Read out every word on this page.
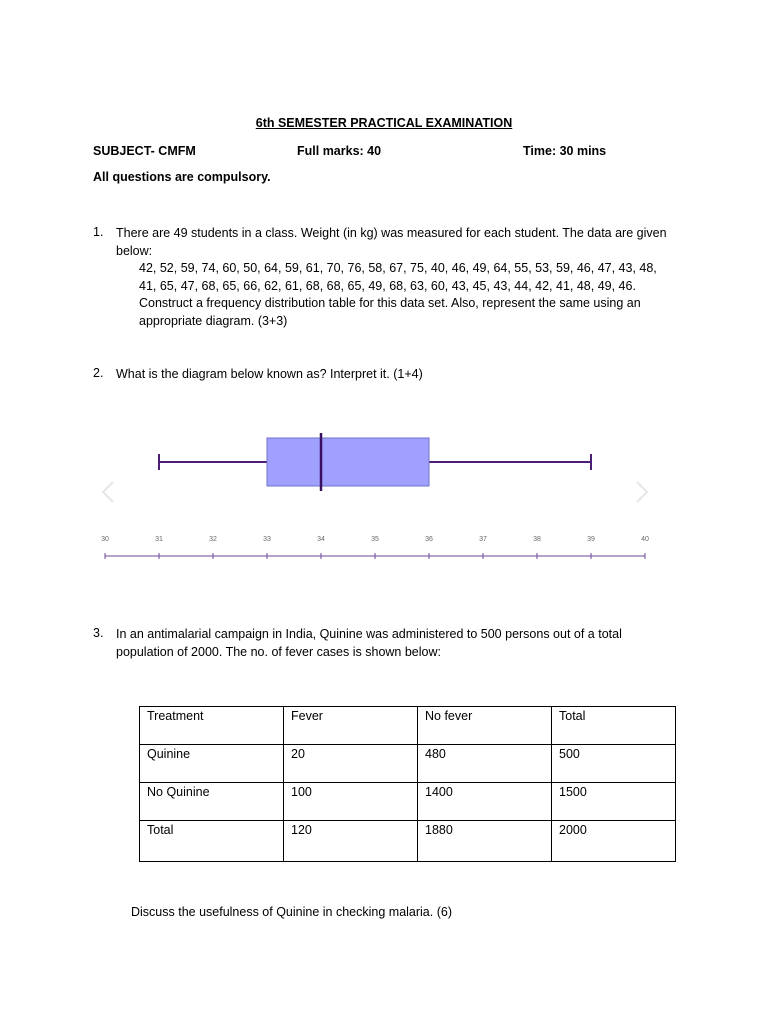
6th SEMESTER PRACTICAL EXAMINATION
SUBJECT- CMFM	Full marks: 40	Time: 30 mins
All questions are compulsory.
1. There are 49 students in a class. Weight (in kg) was measured for each student. The data are given below:
42, 52, 59, 74, 60, 50, 64, 59, 61, 70, 76, 58, 67, 75, 40, 46, 49, 64, 55, 53, 59, 46, 47, 43, 48, 41, 65, 47, 68, 65, 66, 62, 61, 68, 68, 65, 49, 68, 63, 60, 43, 45, 43, 44, 42, 41, 48, 49, 46.
Construct a frequency distribution table for this data set. Also, represent the same using an appropriate diagram. (3+3)
2. What is the diagram below known as? Interpret it. (1+4)
30	31	32	33	34	35	36	37	38	39	40
3. In an antimalarial campaign in India, Quinine was administered to 500 persons out of a total population of 2000. The no. of fever cases is shown below:
Treatment	Fever	No fever	Total
Quinine	20	480	500
No Quinine	100	1400	1500
Total	120	1880	2000
Discuss the usefulness of Quinine in checking malaria. (6)
